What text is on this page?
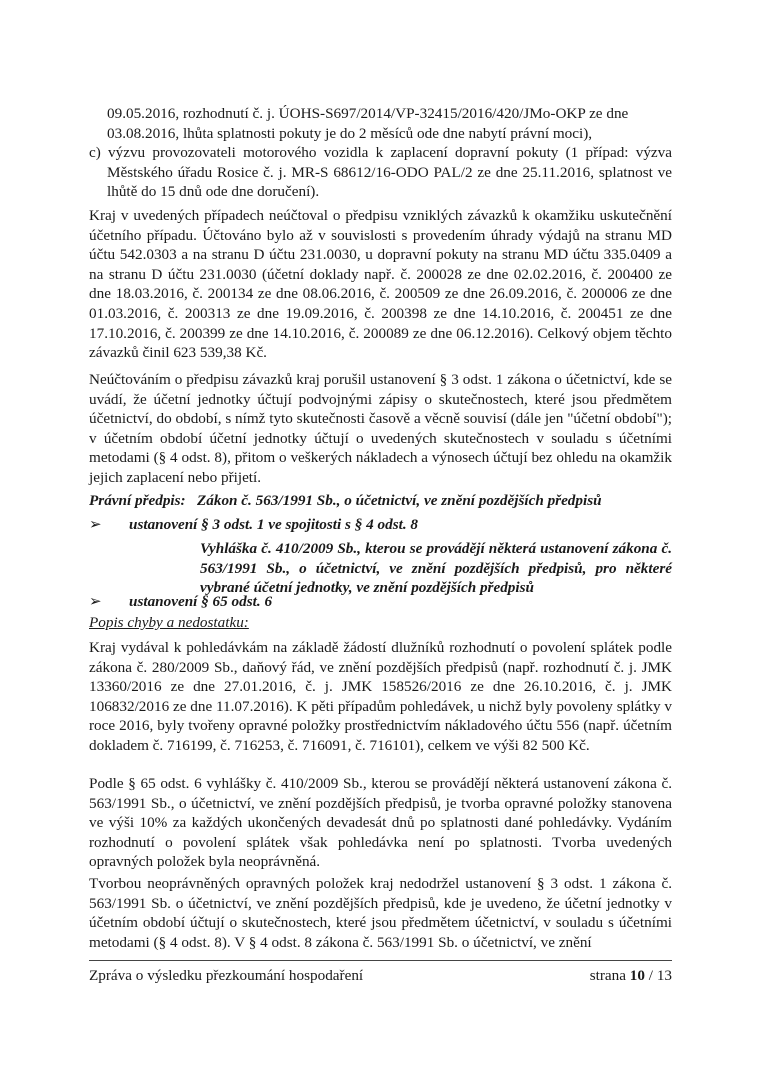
09.05.2016, rozhodnutí č. j. ÚOHS-S697/2014/VP-32415/2016/420/JMo-OKP ze dne

03.08.2016, lhůta splatnosti pokuty je do 2 měsíců ode dne nabytí právní moci),

c) výzvu provozovateli motorového vozidla k zaplacení dopravní pokuty (1 případ: výzva Městského úřadu Rosice č. j. MR-S 68612/16-ODO PAL/2 ze dne 25.11.2016, splatnost ve lhůtě do 15 dnů ode dne doručení).

Kraj v uvedených případech neúčtoval o předpisu vzniklých závazků k okamžiku uskutečnění účetního případu. Účtováno bylo až v souvislosti s provedením úhrady výdajů na stranu MD účtu 542.0303 a na stranu D účtu 231.0030, u dopravní pokuty na stranu MD účtu 335.0409 a na stranu D účtu 231.0030 (účetní doklady např. č. 200028 ze dne 02.02.2016, č. 200400 ze dne 18.03.2016, č. 200134 ze dne 08.06.2016, č. 200509 ze dne 26.09.2016, č. 200006 ze dne 01.03.2016, č. 200313 ze dne 19.09.2016, č. 200398 ze dne 14.10.2016, č. 200451 ze dne 17.10.2016, č. 200399 ze dne 14.10.2016, č. 200089 ze dne 06.12.2016). Celkový objem těchto závazků činil 623 539,38 Kč.

Neúčtováním o předpisu závazků kraj porušil ustanovení § 3 odst. 1 zákona o účetnictví, kde se uvádí, že účetní jednotky účtují podvojnými zápisy o skutečnostech, které jsou předmětem účetnictví, do období, s nímž tyto skutečnosti časově a věcně souvisí (dále jen "účetní období"); v účetním období účetní jednotky účtují o uvedených skutečnostech v souladu s účetními metodami (§ 4 odst. 8), přitom o veškerých nákladech a výnosech účtují bez ohledu na okamžik jejich zaplacení nebo přijetí.

Právní předpis: Zákon č. 563/1991 Sb., o účetnictví, ve znění pozdějších předpisů
➢	ustanovení § 3 odst. 1 ve spojitosti s § 4 odst. 8

Vyhláška č. 410/2009 Sb., kterou se provádějí některá ustanovení zákona č. 563/1991 Sb., o účetnictví, ve znění pozdějších předpisů, pro některé vybrané účetní jednotky, ve znění pozdějších předpisů

➢	ustanovení § 65 odst. 6
Popis chyby a nedostatku:

Kraj vydával k pohledávkám na základě žádostí dlužníků rozhodnutí o povolení splátek podle zákona č. 280/2009 Sb., daňový řád, ve znění pozdějších předpisů (např. rozhodnutí č. j. JMK 13360/2016 ze dne 27.01.2016, č. j. JMK 158526/2016 ze dne 26.10.2016, č. j. JMK 106832/2016 ze dne 11.07.2016). K pěti případům pohledávek, u nichž byly povoleny splátky v roce 2016, byly tvořeny opravné položky prostřednictvím nákladového účtu 556 (např. účetním dokladem č. 716199, č. 716253, č. 716091, č. 716101), celkem ve výši 82 500 Kč.

Podle § 65 odst. 6 vyhlášky č. 410/2009 Sb., kterou se provádějí některá ustanovení zákona č. 563/1991 Sb., o účetnictví, ve znění pozdějších předpisů, je tvorba opravné položky stanovena ve výši 10% za každých ukončených devadesát dnů po splatnosti dané pohledávky. Vydáním rozhodnutí o povolení splátek však pohledávka není po splatnosti. Tvorba uvedených opravných položek byla neoprávněná.

Tvorbou neoprávněných opravných položek kraj nedodržel ustanovení § 3 odst. 1 zákona č. 563/1991 Sb. o účetnictví, ve znění pozdějších předpisů, kde je uvedeno, že účetní jednotky v účetním období účtují o skutečnostech, které jsou předmětem účetnictví, v souladu s účetními metodami (§ 4 odst. 8). V § 4 odst. 8 zákona č. 563/1991 Sb. o účetnictví, ve znění

Zpráva o výsledku přezkoumání hospodaření	strana 10 / 13
